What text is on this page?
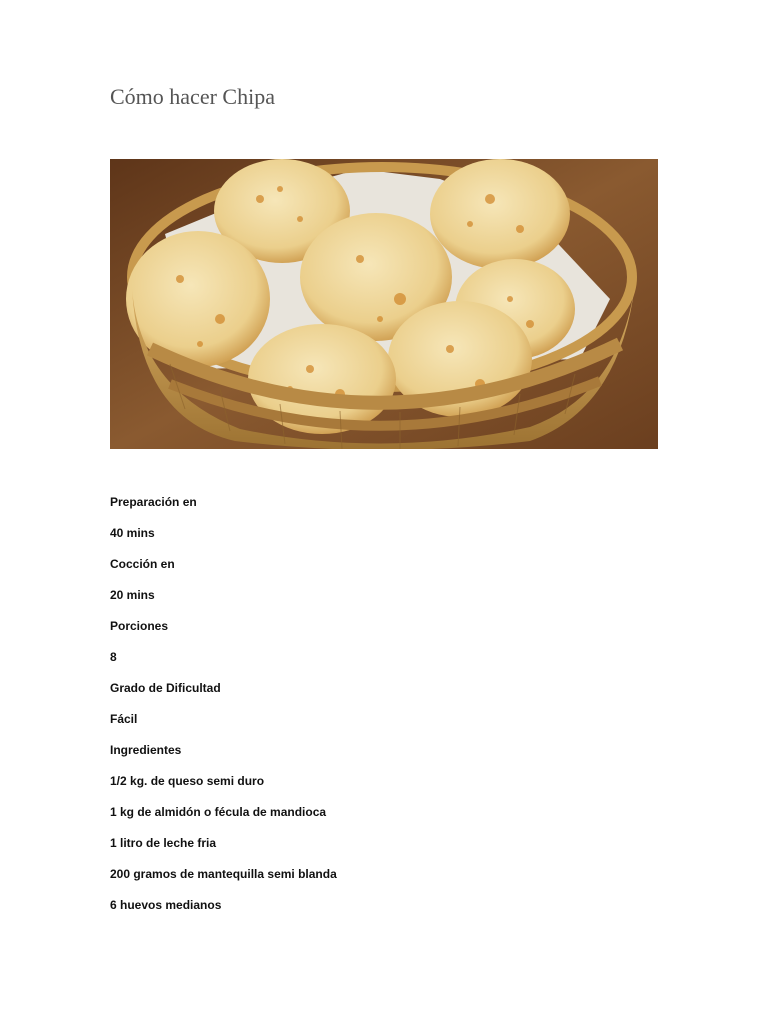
Cómo hacer Chipa
Preparación en
40 mins
Cocción en
20 mins
Porciones
8
Grado de Dificultad
Fácil
Ingredientes
1/2 kg. de queso semi duro
1 kg de almidón o fécula de mandioca
1 litro de leche fria
200 gramos de mantequilla semi blanda
6 huevos medianos
